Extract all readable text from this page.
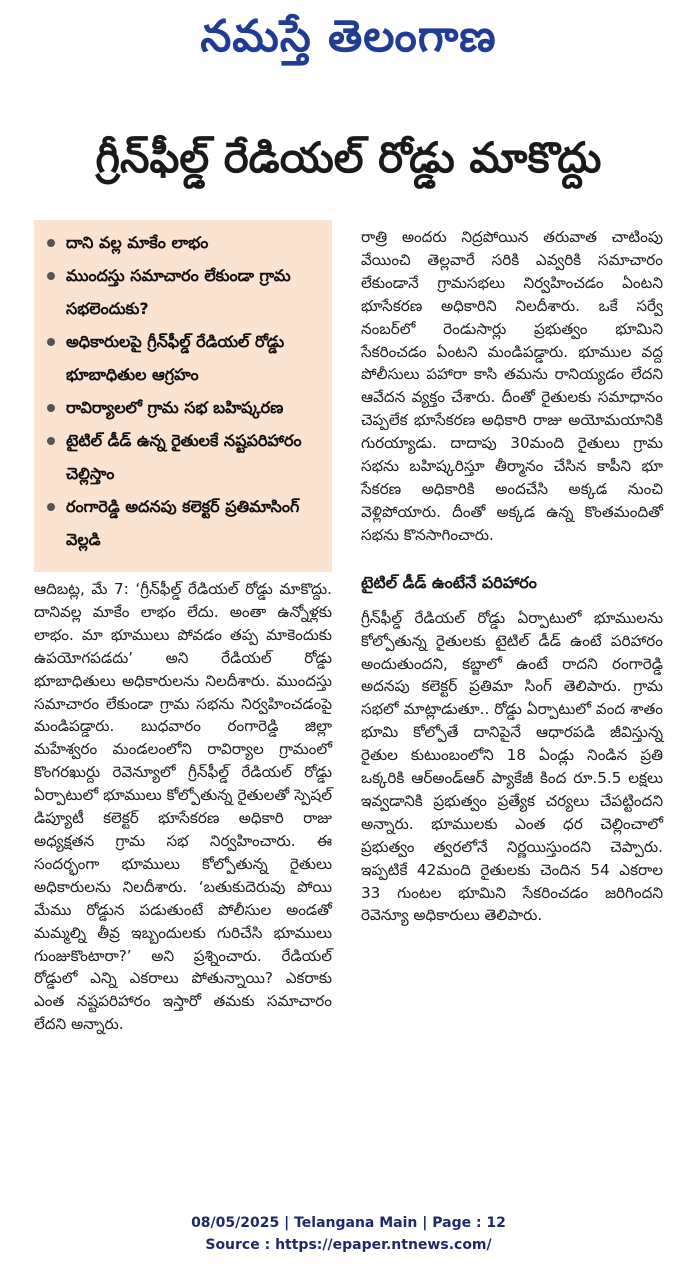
నమస్తే తెలంగాణ
గ్రీన్‌ఫీల్డ్ రేడియల్ రోడ్డు మాకొద్దు
దాని వల్ల మాకేం లాభం
ముందస్తు సమాచారం లేకుండా గ్రామ సభలెందుకు?
అధికారులపై గ్రీన్‌ఫీల్డ్ రేడియల్ రోడ్డు భూబాధితుల ఆగ్రహం
రావిర్యాలలో గ్రామ సభ బహిష్కరణ
టైటిల్ డీడ్ ఉన్న రైతులకే నష్టపరిహారం చెల్లిస్తాం
రంగారెడ్డి అదనపు కలెక్టర్ ప్రతిమాసింగ్ వెల్లడి

ఆదిబట్ల, మే 7: ‘గ్రీన్‌ఫీల్డ్ రేడియల్ రోడ్డు మాకొద్దు. దానివల్ల మాకేం లాభం లేదు. అంతా ఉన్నోళ్లకు లాభం. మా భూములు పోవడం తప్ప మాకెందుకు ఉపయోగపడదు’ అని రేడియల్ రోడ్డు భూబాధితులు అధికారులను నిలదీశారు. ముందస్తు సమాచారం లేకుండా గ్రామ సభను నిర్వహించడంపై మండిపడ్డారు. బుధవారం రంగారెడ్డి జిల్లా మహేశ్వరం మండలంలోని రావిర్యాల గ్రామంలో కొంగరఖుర్దు రెవెన్యూలో గ్రీన్‌ఫీల్డ్ రేడియల్ రోడ్డు ఏర్పాటులో భూములు కోల్పోతున్న రైతులతో స్పెషల్ డిప్యూటీ కలెక్టర్ భూసేకరణ అధికారి రాజు అధ్యక్షతన గ్రామ సభ నిర్వహించారు. ఈ సందర్భంగా భూములు కోల్పోతున్న రైతులు అధికారులను నిలదీశారు. ‘బతుకుదెరువు పోయి మేము రోడ్డున పడుతుంటే పోలీసుల అండతో మమ్మల్ని తీవ్ర ఇబ్బందులకు గురిచేసి భూములు గుంజుకొంటారా?’ అని ప్రశ్నించారు. రేడియల్ రోడ్డులో ఎన్ని ఎకరాలు పోతున్నాయి? ఎకరాకు ఎంత నష్టపరిహారం ఇస్తారో తమకు సమాచారం లేదని అన్నారు.

రాత్రి అందరు నిద్రపోయిన తరువాత చాటింపు వేయించి తెల్లవారే సరికి ఎవ్వరికి సమాచారం లేకుండానే గ్రామసభలు నిర్వహించడం ఏంటని భూసేకరణ అధికారిని నిలదీశారు. ఒకే సర్వే నంబర్‌లో రెండుసార్లు ప్రభుత్వం భూమిని సేకరించడం ఏంటని మండిపడ్డారు. భూముల వద్ద పోలీసులు పహారా కాసి తమను రానియ్యడం లేదని ఆవేదన వ్యక్తం చేశారు. దీంతో రైతులకు సమాధానం చెప్పలేక భూసేకరణ అధికారి రాజు అయోమయానికి గురయ్యాడు. దాదాపు 30మంది రైతులు గ్రామ సభను బహిష్కరిస్తూ తీర్మానం చేసిన కాపీని భూ సేకరణ అధికారికి అందచేసి అక్కడ నుంచి వెళ్లిపోయారు. దీంతో అక్కడ ఉన్న కొంతమందితో సభను కొనసాగించారు.

టైటిల్ డీడ్ ఉంటేనే పరిహారం

గ్రీన్‌ఫీల్డ్ రేడియల్ రోడ్డు ఏర్పాటులో భూములను కోల్పోతున్న రైతులకు టైటిల్ డీడ్ ఉంటే పరిహారం అందుతుందని, కబ్జాలో ఉంటే రాదని రంగారెడ్డి అదనపు కలెక్టర్ ప్రతిమా సింగ్ తెలిపారు. గ్రామ సభలో మాట్లాడుతూ.. రోడ్డు ఏర్పాటులో వంద శాతం భూమి కోల్పోతే దానిపైనే ఆధారపడి జీవిస్తున్న రైతుల కుటుంబంలోని 18 ఏండ్లు నిండిన ప్రతి ఒక్కరికి ఆర్‌అండ్‌ఆర్ ప్యాకేజీ కింద రూ.5.5 లక్షలు ఇవ్వడానికి ప్రభుత్వం ప్రత్యేక చర్యలు చేపట్టిందని అన్నారు. భూములకు ఎంత ధర చెల్లించాలో ప్రభుత్వం త్వరలోనే నిర్ణయిస్తుందని చెప్పారు. ఇప్పటికే 42మంది రైతులకు చెందిన 54 ఎకరాల 33 గుంటల భూమిని సేకరించడం జరిగిందని రెవెన్యూ అధికారులు తెలిపారు.

08/05/2025 | Telangana Main | Page : 12
Source : https://epaper.ntnews.com/
